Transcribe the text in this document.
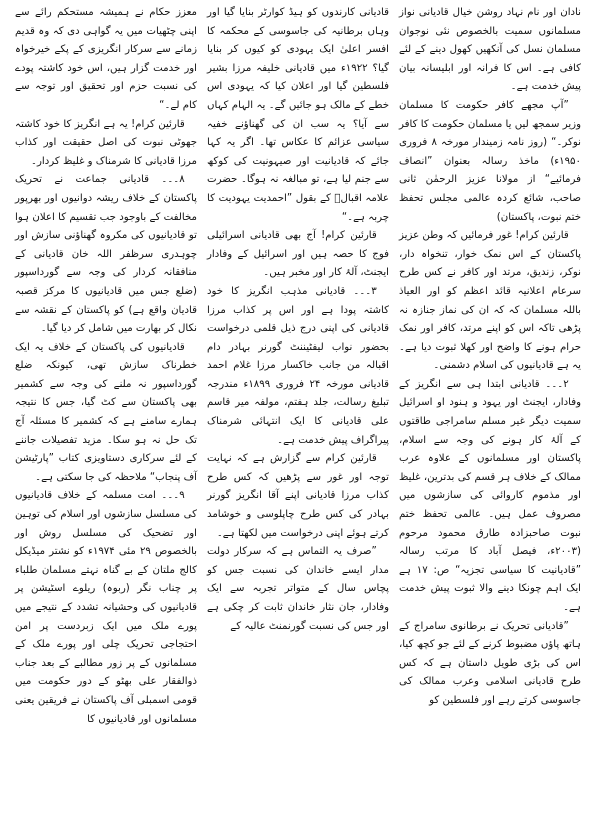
نادان اور نام نہاد روشن خیال قادیانی نواز مسلمانوں سمیت بالخصوص نئی نوجوان مسلمان نسل کی آنکھیں کھول دینے کے لئے کافی ہے۔ اس کا فرانہ اور ابلیسانہ بیان پیش خدمت ہے۔

”آپ مجھے کافر حکومت کا مسلمان وزیر سمجھ لیں یا مسلمان حکومت کا کافر نوکر۔“ (روز نامہ زمیندار مورخہ ۸ فروری ۱۹۵۰ء) ماخذ رسالہ بعنوان ”انصاف فرمائیے“ از مولانا عزیز الرحمٰن ثانی صاحب، شائع کردہ عالمی مجلس تحفظ ختم نبوت، پاکستان)

قارئین کرام! غور فرمائیں کہ وطن عزیز پاکستان کے اس نمک خوار، تنخواہ دار، نوکر، زندیق، مرتد اور کافر نے کس طرح سرعام اعلانیہ قائد اعظم کو اور العیاذ باللہ مسلمان کہ کہ ان کی نماز جنازہ نہ پڑھی تاکہ اس کو اپنے مرتد، کافر اور نمک حرام ہونے کا واضح اور کھلا ثبوت دیا ہے۔ یہ ہے قادیانیوں کی اسلام دشمنی۔

۲۔۔۔ قادیانی ابتدا ہی سے انگریز کے وفادار، ایجنٹ اور یہود و ہنود او اسرائیل سمیت دیگر غیر مسلم سامراجی طاقتوں کے آلۂ کار ہونے کی وجہ سے اسلام، پاکستان اور مسلمانوں کے علاوہ عرب ممالک کے خلاف ہر قسم کی بدترین، غلیظ اور مذموم کاروائی کی سازشوں میں مصروف عمل ہیں۔ عالمی تحفظ ختم نبوت صاحبزادہ طارق محمود مرحوم (۲۰۰۳ء، فیصل آباد کا مرتب رسالہ ”قادیانیت کا سیاسی تجزیہ“ ص: ۱۷ ہے ایک اہم چونکا دینے والا ثبوت پیش خدمت ہے۔

”قادیانی تحریک نے برطانوی سامراج کے ہاتھ پاؤں مضبوط کرنے کے لئے جو کچھ کیا، اس کی بڑی طویل داستان ہے کہ کس طرح قادیانی اسلامی وعرب ممالک کی جاسوسی کرتے رہے اور فلسطین کو

قادیانی کارندوں کو ہیڈ کوارٹر بنایا گیا اور وہاں برطانیہ کی جاسوسی کے محکمہ کا افسر اعلیٰ ایک یہودی کو کیوں کر بنایا گیا؟ ۱۹۲۲ء میں قادیانی خلیفہ مرزا بشیر فلسطین گیا اور اعلان کیا کہ یہودی اس خطے کے مالک ہو جائیں گے۔ یہ الہام کہاں سے آیا؟ یہ سب ان کی گھناؤنے خفیہ سیاسی عزائم کا عکاس تھا۔ اگر یہ کہا جائے کہ قادیانیت اور صیہونیت کی کوکھ سے جنم لیا ہے، تو مبالغہ نہ ہوگا۔ حضرت علامہ اقبالؒ کے بقول ”احمدیت یہودیت کا چربہ ہے۔“

قارئین کرام! آج بھی قادیانی اسرائیلی فوج کا حصہ ہیں اور اسرائیل کے وفادار ایجنٹ، آلۂ کار اور مخبر ہیں۔

۳۔۔۔ قادیانی مذہب انگریز کا خود کاشتہ پودا ہے اور اس پر کذاب مرزا قادیانی کی اپنی درج ذیل قلمی درخواست بحضور نواب لیفٹیننٹ گورنر بہادر دام اقبالہ من جانب خاکسار مرزا غلام احمد قادیانی مورخہ ۲۴ فروری ۱۸۹۹ء مندرجہ تبلیغ رسالت، جلد ہفتم، مولفہ میر قاسم علی قادیانی کا ایک انتہائی شرمناک پیراگراف پیش خدمت ہے۔

قارئین کرام سے گزارش ہے کہ نہایت توجہ اور غور سے پڑھیں کہ کس طرح کذاب مرزا قادیانی اپنے آقا انگریز گورنر بہادر کی کس طرح چاپلوسی و خوشامد کرتے ہوئے اپنی درخواست میں لکھتا ہے۔

”صرف یہ التماس ہے کہ سرکار دولت مدار ایسے خاندان کی نسبت جس کو پچاس سال کے متواتر تجربہ سے ایک وفادار، جان نثار خاندان ثابت کر چکی ہے اور جس کی نسبت گورنمنٹ عالیہ کے

معزز حکام نے ہمیشہ مستحکم رائے سے اپنی چٹھیات میں یہ گواہی دی کہ وہ قدیم زمانے سے سرکار انگریزی کے پکے خیرخواہ اور خدمت گزار ہیں، اس خود کاشتہ پودے کی نسبت حزم اور تحقیق اور توجہ سے کام لے۔“

قارئین کرام! یہ ہے انگریز کا خود کاشتہ جھوٹی نبوت کی اصل حقیقت اور کذاب مرزا قادیانی کا شرمناک و غلیظ کردار۔

۸۔۔۔ قادیانی جماعت نے تحریک پاکستان کے خلاف ریشہ دوانیوں اور بھرپور مخالفت کے باوجود جب تقسیم کا اعلان ہوا تو قادیانیوں کی مکروہ گھناؤنی سازش اور چوہدری سرظفر اللہ خان قادیانی کے منافقانہ کردار کی وجہ سے گورداسپور (ضلع جس میں قادیانیوں کا مرکز قصبہ قادیان واقع ہے) کو پاکستان کے نقشہ سے نکال کر بھارت میں شامل کر دیا گیا۔

قادیانیوں کی پاکستان کے خلاف یہ ایک خطرناک سازش تھی، کیونکہ ضلع گورداسپور نہ ملنے کی وجہ سے کشمیر بھی پاکستان سے کٹ گیا، جس کا نتیجہ ہمارے سامنے ہے کہ کشمیر کا مسئلہ آج تک حل نہ ہو سکا۔ مزید تفصیلات جاننے کے لئے سرکاری دستاویزی کتاب ”پارٹیشن آف پنجاب“ ملاحظہ کی جا سکتی ہے۔

۹۔۔۔ امت مسلمہ کے خلاف قادیانیوں کی مسلسل سازشوں اور اسلام کی توہین اور تضحیک کی مسلسل روش اور بالخصوص ۲۹ مئی ۱۹۷۴ء کو نشتر میڈیکل کالج ملتان کے بے گناہ نہتے مسلمان طلباء پر چناب نگر (ربوہ) ریلوے اسٹیشن پر قادیانیوں کی وحشیانہ تشدد کے نتیجے میں پورے ملک میں ایک زبردست پر امن احتجاجی تحریک چلی اور پورے ملک کے مسلمانوں کے پر زور مطالبے کے بعد جناب ذوالفقار علی بھٹو کے دور حکومت میں قومی اسمبلی آف پاکستان نے فریقین یعنی مسلمانوں اور قادیانیوں کا
